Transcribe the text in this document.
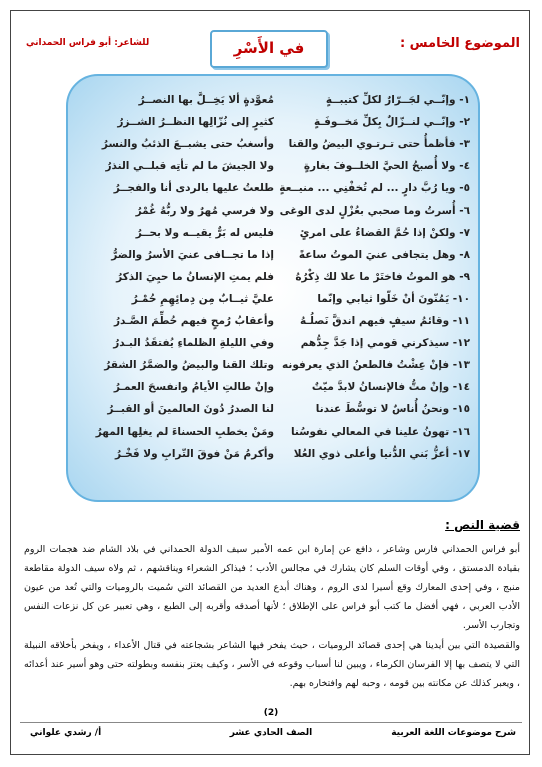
الموضوع الخامس :
في الأَسْرِ
للشاعر: أبو فراس الحمداني
١- وإنّــي لجَــرّارٌ لكلِّ كتيبــةٍ
مُعوَّدةٍ ألا يَخِــلَّ بها النصــرُ
٢- وإنّــي لنــزّالٌ بِكلِّ مَخــوفَـةٍ
كثيرٍ إلى نُزّالِها النظــرُ الشــزرُ
٣- فأظمأُ حتى تـرتـوي البيضُ والقنا
وأسغبُ حتى يشبــعَ الذئبُ والنسرُ
٤- ولا أُصبحُ الحيَّ الخلــوفَ بغارةٍ
ولا الجيشَ ما لم تأتِه قبلــي النذرُ
٥- ويا رُبَّ دارٍ ... لم تُخفْنِي ... منيــعةٍ
طلعتُ عليها بالردى أنا والفجــرُ
٦- أُسرتُ وما صحبي بعُزْلٍ لدى الوغى
ولا فرسي مُهرٌ ولا ربُّهُ غُمْرُ
٧- ولكنْ إذا حُمَّ القضاءُ على امرئٍ
فليس له بَرٌّ يقيــه ولا بحــرُ
٨- وهل يتجافى عنيَ الموتُ ساعةً
إذا ما تجــافى عنيَ الأسرُ والضرُّ
٩- هو الموتُ فاختَرْ ما علا لك ذِكْرُهُ
فلم يمتِ الإنسانُ ما حيِيَ الذكرُ
١٠- يَمُنّونَ أنْ خَلّوا ثيابي وإنّما
عليَّ ثيــابٌ مِن دِمائِهِمِ حُمْـرُ
١١- وقائمُ سيفٍ فيهم اندقَّ نَصلُـهُ
وأعقابُ رُمحٍ فيهم حُطِّمَ الصَّـدرُ
١٢- سيذكرني قومي إذا جَدَّ جِدُّهم
وفي الليلةِ الظلماءِ يُفتقَدُ البـدرُ
١٣- فإنْ عِشْتُ فالطعنُ الذي يعرفونه
وتلك القنا والبيضُ والضمَّرُ الشقرُ
١٤- وإنْ متُّ فالإنسانُ لابدَّ ميّتٌ
وإنْ طالتِ الأيامُ وانفسحَ العمـرُ
١٥- ونحنُ أُناسٌ لا توسُّطَ عندنا
لنا الصدرُ دُونَ العالمينَ أو القبــرُ
١٦- تهونُ علينا في المعالي نفوسُنا
ومَنْ يخطبِ الحسناءَ لم يغلِها المهرُ
١٧- أعزُّ بَني الدُّنيا وأعلى ذوي العُلا
وأكرمُ مَنْ فوقَ التّرابِ ولا فَخْـرُ
قضية النص :
أبو فراس الحمداني فارس وشاعر ، دافع عن إمارة ابن عمه الأمير سيف الدولة الحمداني في بلاد الشام ضد هجمات الروم بقيادة الدمستق ، وفي أوقات السلم كان يشارك في مجالس الأدب ؛ فيذاكر الشعراء ويناقشهم ، ثم ولاه سيف الدولة مقاطعة منبج ، وفي إحدى المعارك وقع أسيرا لدى الروم ، وهناك أبدع العديد من القصائد التي سُميت بالروميات والتي تُعد من عيون الأدب العربي ، فهي أفضل ما كتب أبو فراس على الإطلاق ؛ لأنها أصدقه وأقربه إلى الطبع ، وهي تعبير عن كل نزعات النفس وتجارب الأسر.
والقصيدة التي بين أيدينا هي إحدى قصائد الروميات ، حيث يفخر فيها الشاعر بشجاعته في قتال الأعداء ، ويفخر بأخلاقه النبيلة التي لا يتصف بها إلا الفرسان الكرماء ، ويبين لنا أسباب وقوعه في الأسر ، وكيف يعتز بنفسه وبطولته حتى وهو أسير عند أعدائه ، ويعبر كذلك عن مكانته بين قومه ، وحبه لهم وافتخاره بهم.
(2)
شرح موضوعات اللغة العربية
الصف الحادي عشر
أ/ رشدي علواني
